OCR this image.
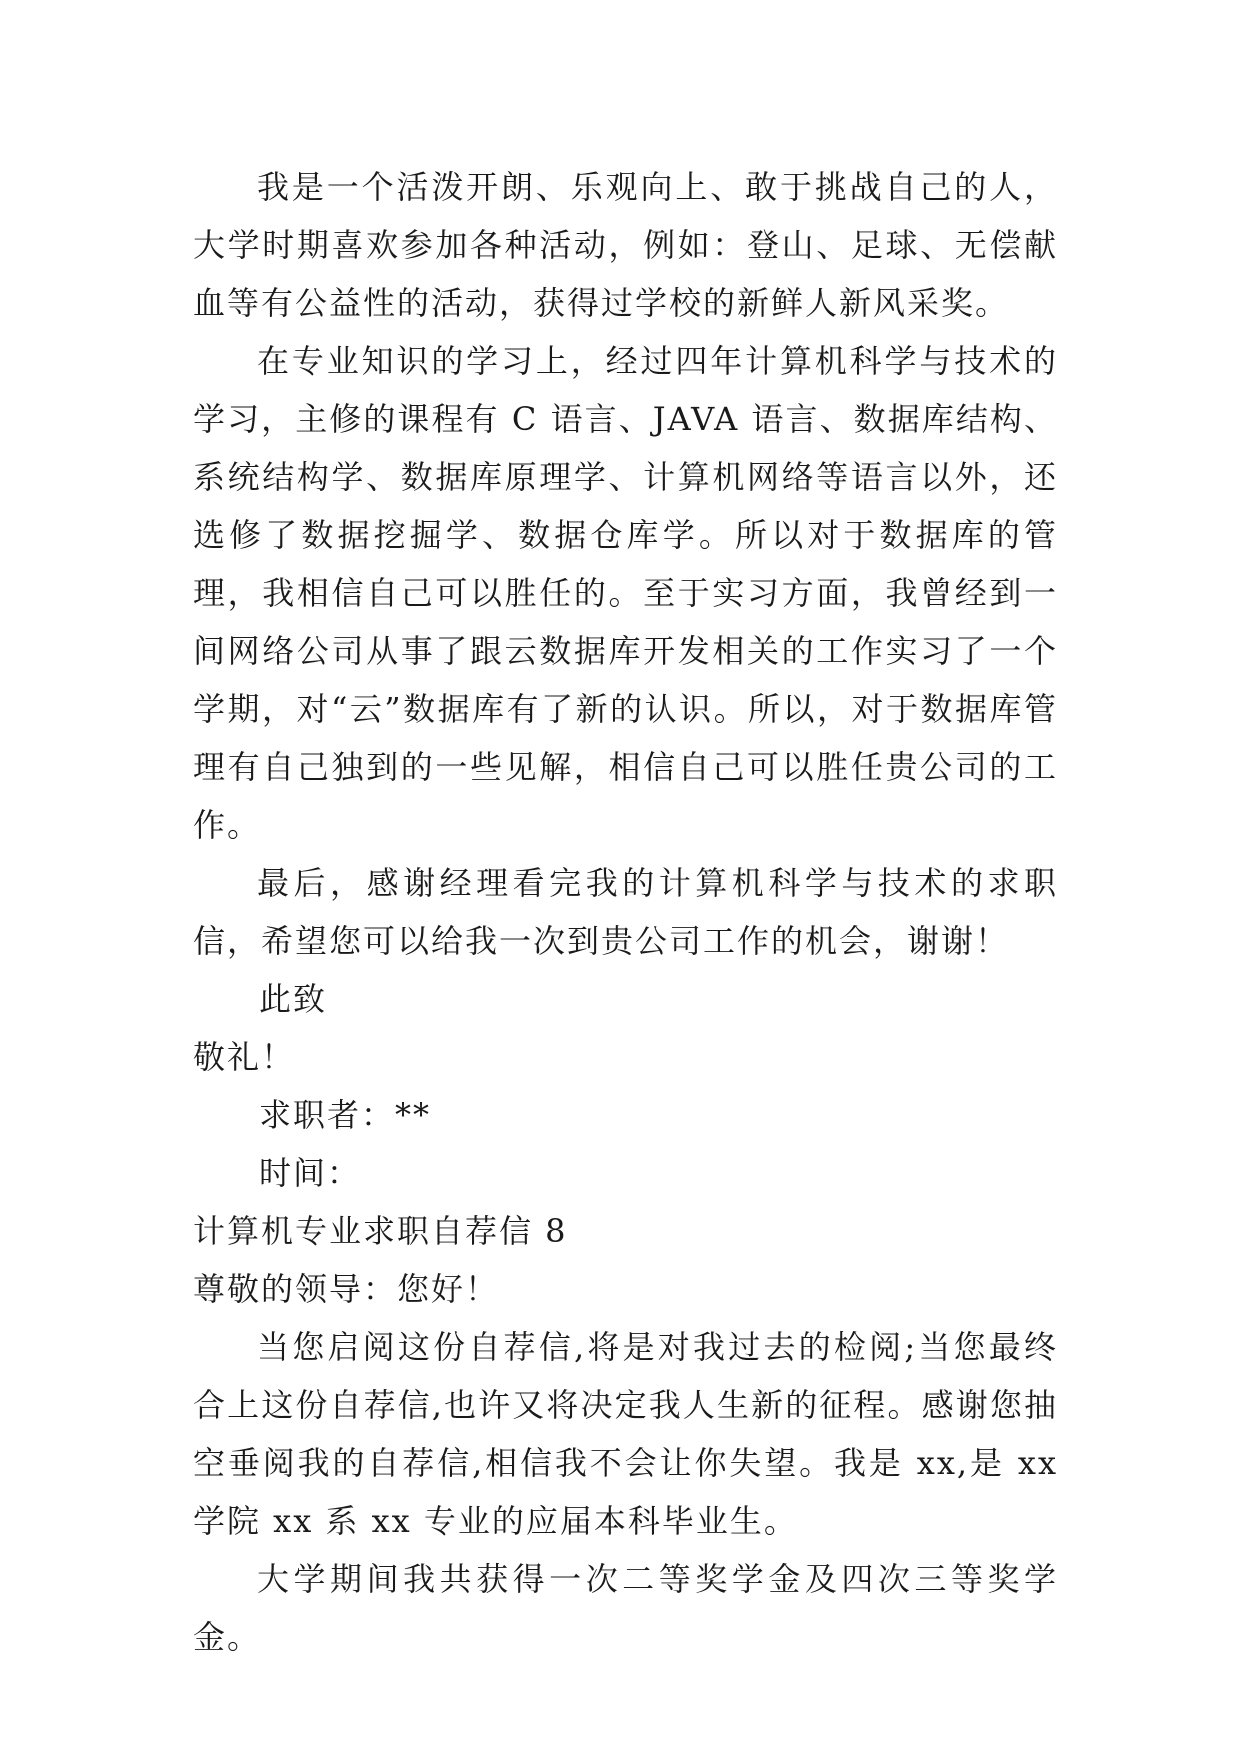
我是一个活泼开朗、乐观向上、敢于挑战自己的人，大学时期喜欢参加各种活动，例如：登山、足球、无偿献血等有公益性的活动，获得过学校的新鲜人新风采奖。

在专业知识的学习上，经过四年计算机科学与技术的学习，主修的课程有 C 语言、JAVA 语言、数据库结构、系统结构学、数据库原理学、计算机网络等语言以外，还选修了数据挖掘学、数据仓库学。所以对于数据库的管理，我相信自己可以胜任的。至于实习方面，我曾经到一间网络公司从事了跟云数据库开发相关的工作实习了一个学期，对“云”数据库有了新的认识。所以，对于数据库管理有自己独到的一些见解，相信自己可以胜任贵公司的工作。

最后，感谢经理看完我的计算机科学与技术的求职信，希望您可以给我一次到贵公司工作的机会，谢谢！

此致

敬礼！

求职者：**

时间：

计算机专业求职自荐信 8

尊敬的领导：您好！

当您启阅这份自荐信,将是对我过去的检阅;当您最终合上这份自荐信,也许又将决定我人生新的征程。感谢您抽空垂阅我的自荐信,相信我不会让你失望。我是 xx,是 xx 学院 xx 系 xx 专业的应届本科毕业生。

大学期间我共获得一次二等奖学金及四次三等奖学金。
